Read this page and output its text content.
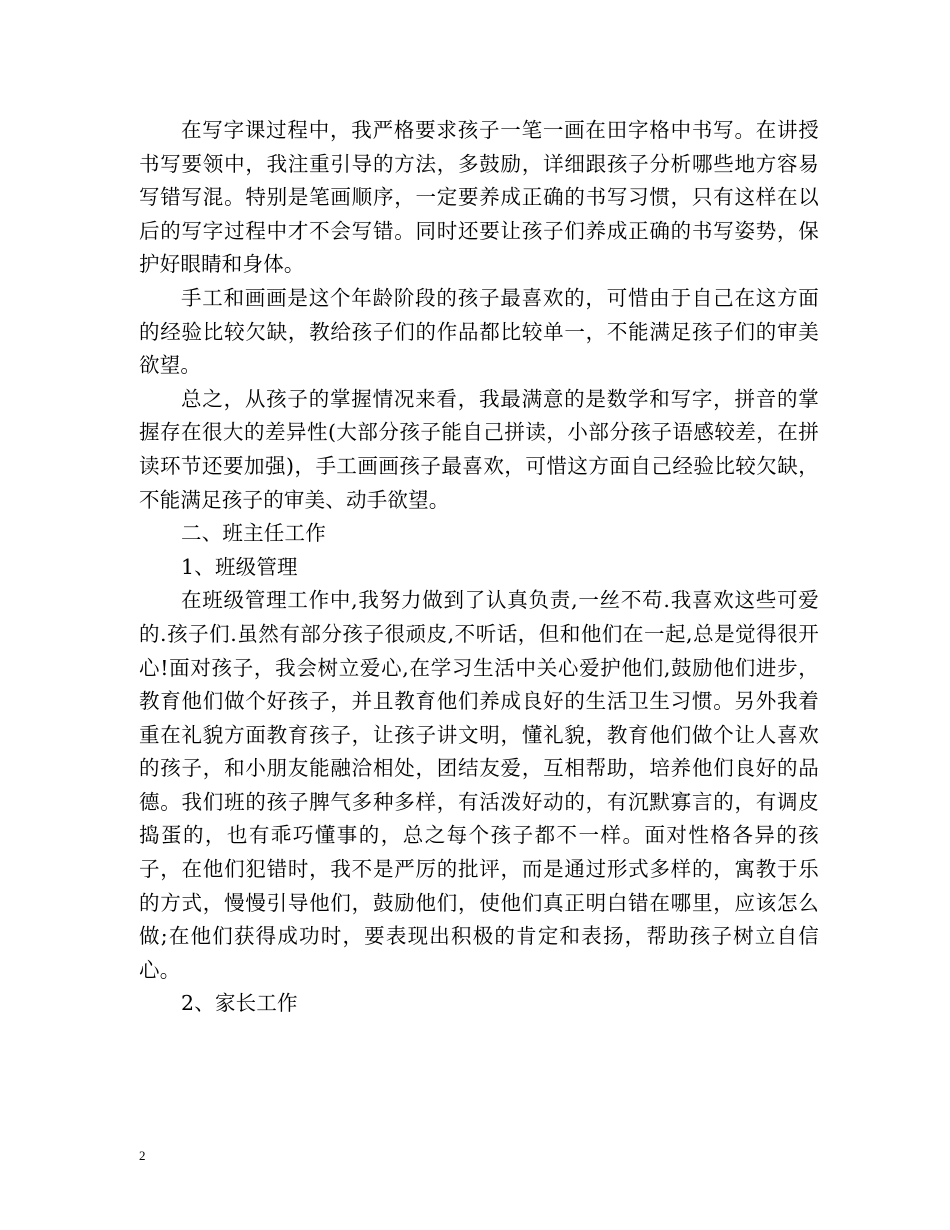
在写字课过程中，我严格要求孩子一笔一画在田字格中书写。在讲授书写要领中，我注重引导的方法，多鼓励，详细跟孩子分析哪些地方容易写错写混。特别是笔画顺序，一定要养成正确的书写习惯，只有这样在以后的写字过程中才不会写错。同时还要让孩子们养成正确的书写姿势，保护好眼睛和身体。

手工和画画是这个年龄阶段的孩子最喜欢的，可惜由于自己在这方面的经验比较欠缺，教给孩子们的作品都比较单一，不能满足孩子们的审美欲望。

总之，从孩子的掌握情况来看，我最满意的是数学和写字，拼音的掌握存在很大的差异性(大部分孩子能自己拼读，小部分孩子语感较差，在拼读环节还要加强)，手工画画孩子最喜欢，可惜这方面自己经验比较欠缺，不能满足孩子的审美、动手欲望。

二、班主任工作

1、班级管理

在班级管理工作中,我努力做到了认真负责,一丝不苟.我喜欢这些可爱的.孩子们.虽然有部分孩子很顽皮,不听话，但和他们在一起,总是觉得很开心!面对孩子，我会树立爱心,在学习生活中关心爱护他们,鼓励他们进步，教育他们做个好孩子，并且教育他们养成良好的生活卫生习惯。另外我着重在礼貌方面教育孩子，让孩子讲文明，懂礼貌，教育他们做个让人喜欢的孩子，和小朋友能融洽相处，团结友爱，互相帮助，培养他们良好的品德。我们班的孩子脾气多种多样，有活泼好动的，有沉默寡言的，有调皮捣蛋的，也有乖巧懂事的，总之每个孩子都不一样。面对性格各异的孩子，在他们犯错时，我不是严厉的批评，而是通过形式多样的，寓教于乐的方式，慢慢引导他们，鼓励他们，使他们真正明白错在哪里，应该怎么做;在他们获得成功时，要表现出积极的肯定和表扬，帮助孩子树立自信心。

2、家长工作

2
